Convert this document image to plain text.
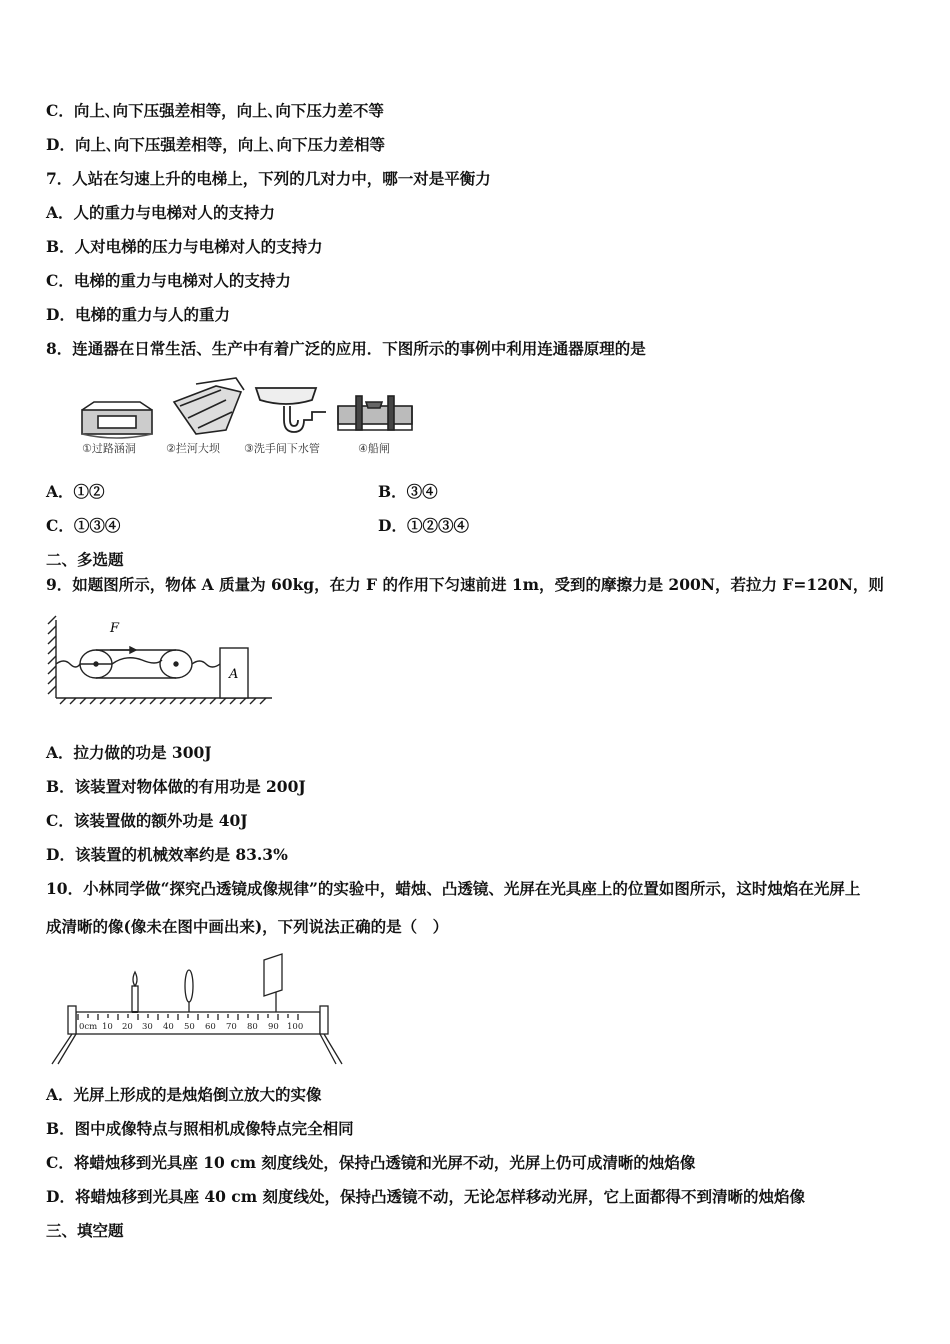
C．向上､向下压强差相等，向上､向下压力差不等
D．向上､向下压强差相等，向上､向下压力差相等
7．人站在匀速上升的电梯上，下列的几对力中，哪一对是平衡力
A．人的重力与电梯对人的支持力
B．人对电梯的压力与电梯对人的支持力
C．电梯的重力与电梯对人的支持力
D．电梯的重力与人的重力
8．连通器在日常生活、生产中有着广泛的应用．下图所示的事例中利用连通器原理的是
①过路涵洞	②拦河大坝 ③洗手间下水管	④船闸
A．①②	B．③④
C．①③④	D．①②③④
二、多选题
9．如题图所示，物体 A 质量为 60kg，在力 F 的作用下匀速前进 1m，受到的摩擦力是 200N，若拉力 F=120N，则
F
A
A．拉力做的功是 300J
B．该装置对物体做的有用功是 200J
C．该装置做的额外功是 40J
D．该装置的机械效率约是 83.3%
10．小林同学做“探究凸透镜成像规律”的实验中，蜡烛、凸透镜、光屏在光具座上的位置如图所示，这时烛焰在光屏上
成清晰的像(像未在图中画出来)，下列说法正确的是（　）
0cm 10 20 30 40 50 60 70 80 90 100
A．光屏上形成的是烛焰倒立放大的实像
B．图中成像特点与照相机成像特点完全相同
C．将蜡烛移到光具座 10 cm 刻度线处，保持凸透镜和光屏不动，光屏上仍可成清晰的烛焰像
D．将蜡烛移到光具座 40 cm 刻度线处，保持凸透镜不动，无论怎样移动光屏，它上面都得不到清晰的烛焰像
三、填空题
